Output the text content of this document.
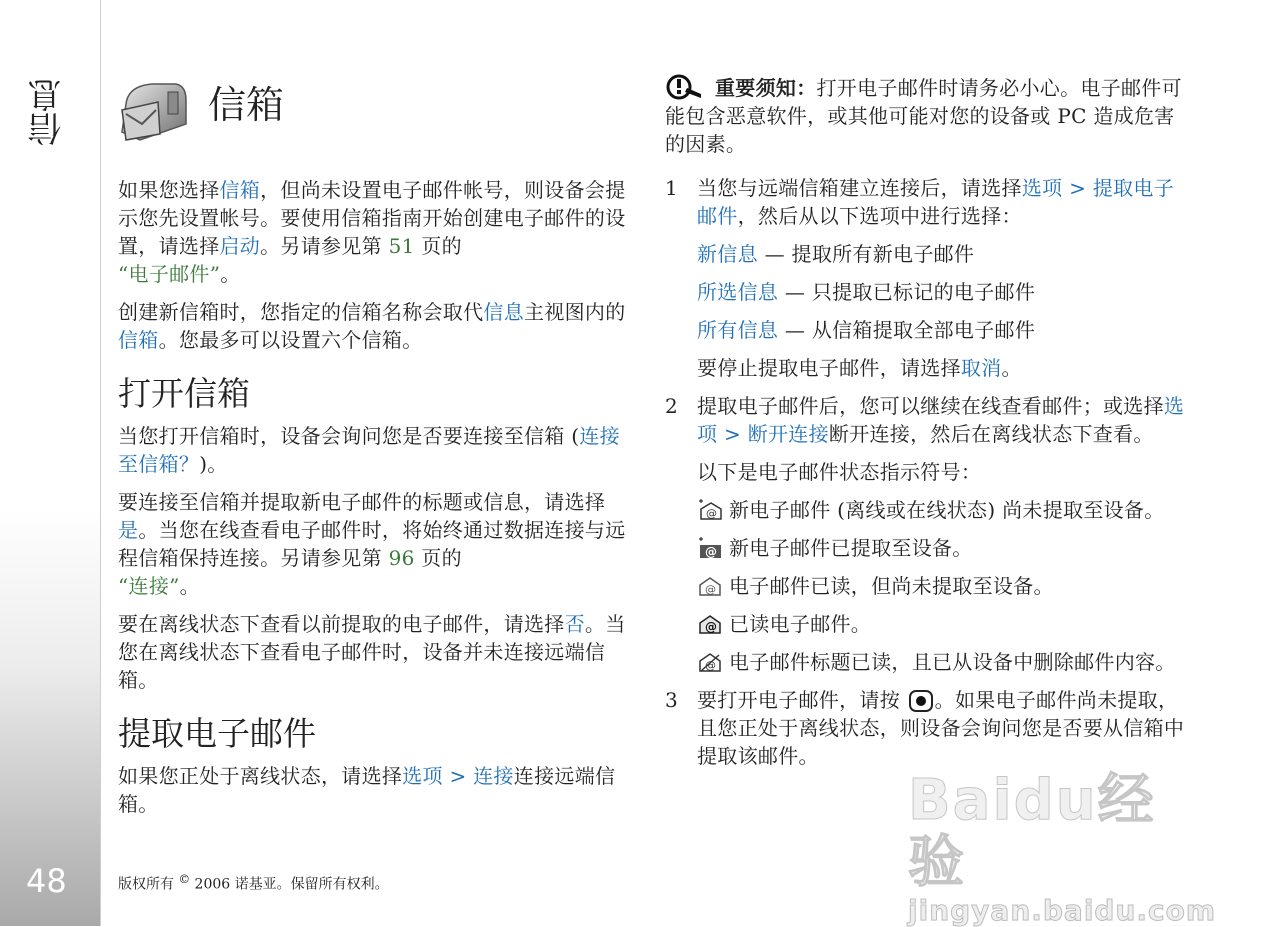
信息
48
信箱

如果您选择信箱，但尚未设置电子邮件帐号，则设备会提示您先设置帐号。要使用信箱指南开始创建电子邮件的设置，请选择启动。另请参见第 51 页的
“电子邮件”。

创建新信箱时，您指定的信箱名称会取代信息主视图内的信箱。您最多可以设置六个信箱。

打开信箱

当您打开信箱时，设备会询问您是否要连接至信箱 (连接至信箱？)。

要连接至信箱并提取新电子邮件的标题或信息，请选择是。当您在线查看电子邮件时，将始终通过数据连接与远程信箱保持连接。另请参见第 96 页的
“连接”。

要在离线状态下查看以前提取的电子邮件，请选择否。当您在离线状态下查看电子邮件时，设备并未连接远端信箱。

提取电子邮件

如果您正处于离线状态，请选择选项 > 连接连接远端信箱。

重要须知：打开电子邮件时请务必小心。电子邮件可能包含恶意软件，或其他可能对您的设备或 PC 造成危害的因素。

1 当您与远端信箱建立连接后，请选择选项 > 提取电子邮件，然后从以下选项中进行选择：

新信息 — 提取所有新电子邮件

所选信息 — 只提取已标记的电子邮件

所有信息 — 从信箱提取全部电子邮件

要停止提取电子邮件，请选择取消。

2 提取电子邮件后，您可以继续在线查看邮件；或选择选项 > 断开连接断开连接，然后在离线状态下查看。

以下是电子邮件状态指示符号：

@ 新电子邮件 (离线或在线状态) 尚未提取至设备。

@ 新电子邮件已提取至设备。

@ 电子邮件已读，但尚未提取至设备。

@ 已读电子邮件。

@ 电子邮件标题已读，且已从设备中删除邮件内容。

3 要打开电子邮件，请按 。如果电子邮件尚未提取，且您正处于离线状态，则设备会询问您是否要从信箱中提取该邮件。

版权所有 © 2006 诺基亚。保留所有权利。
Baidu经验
jingyan.baidu.com
